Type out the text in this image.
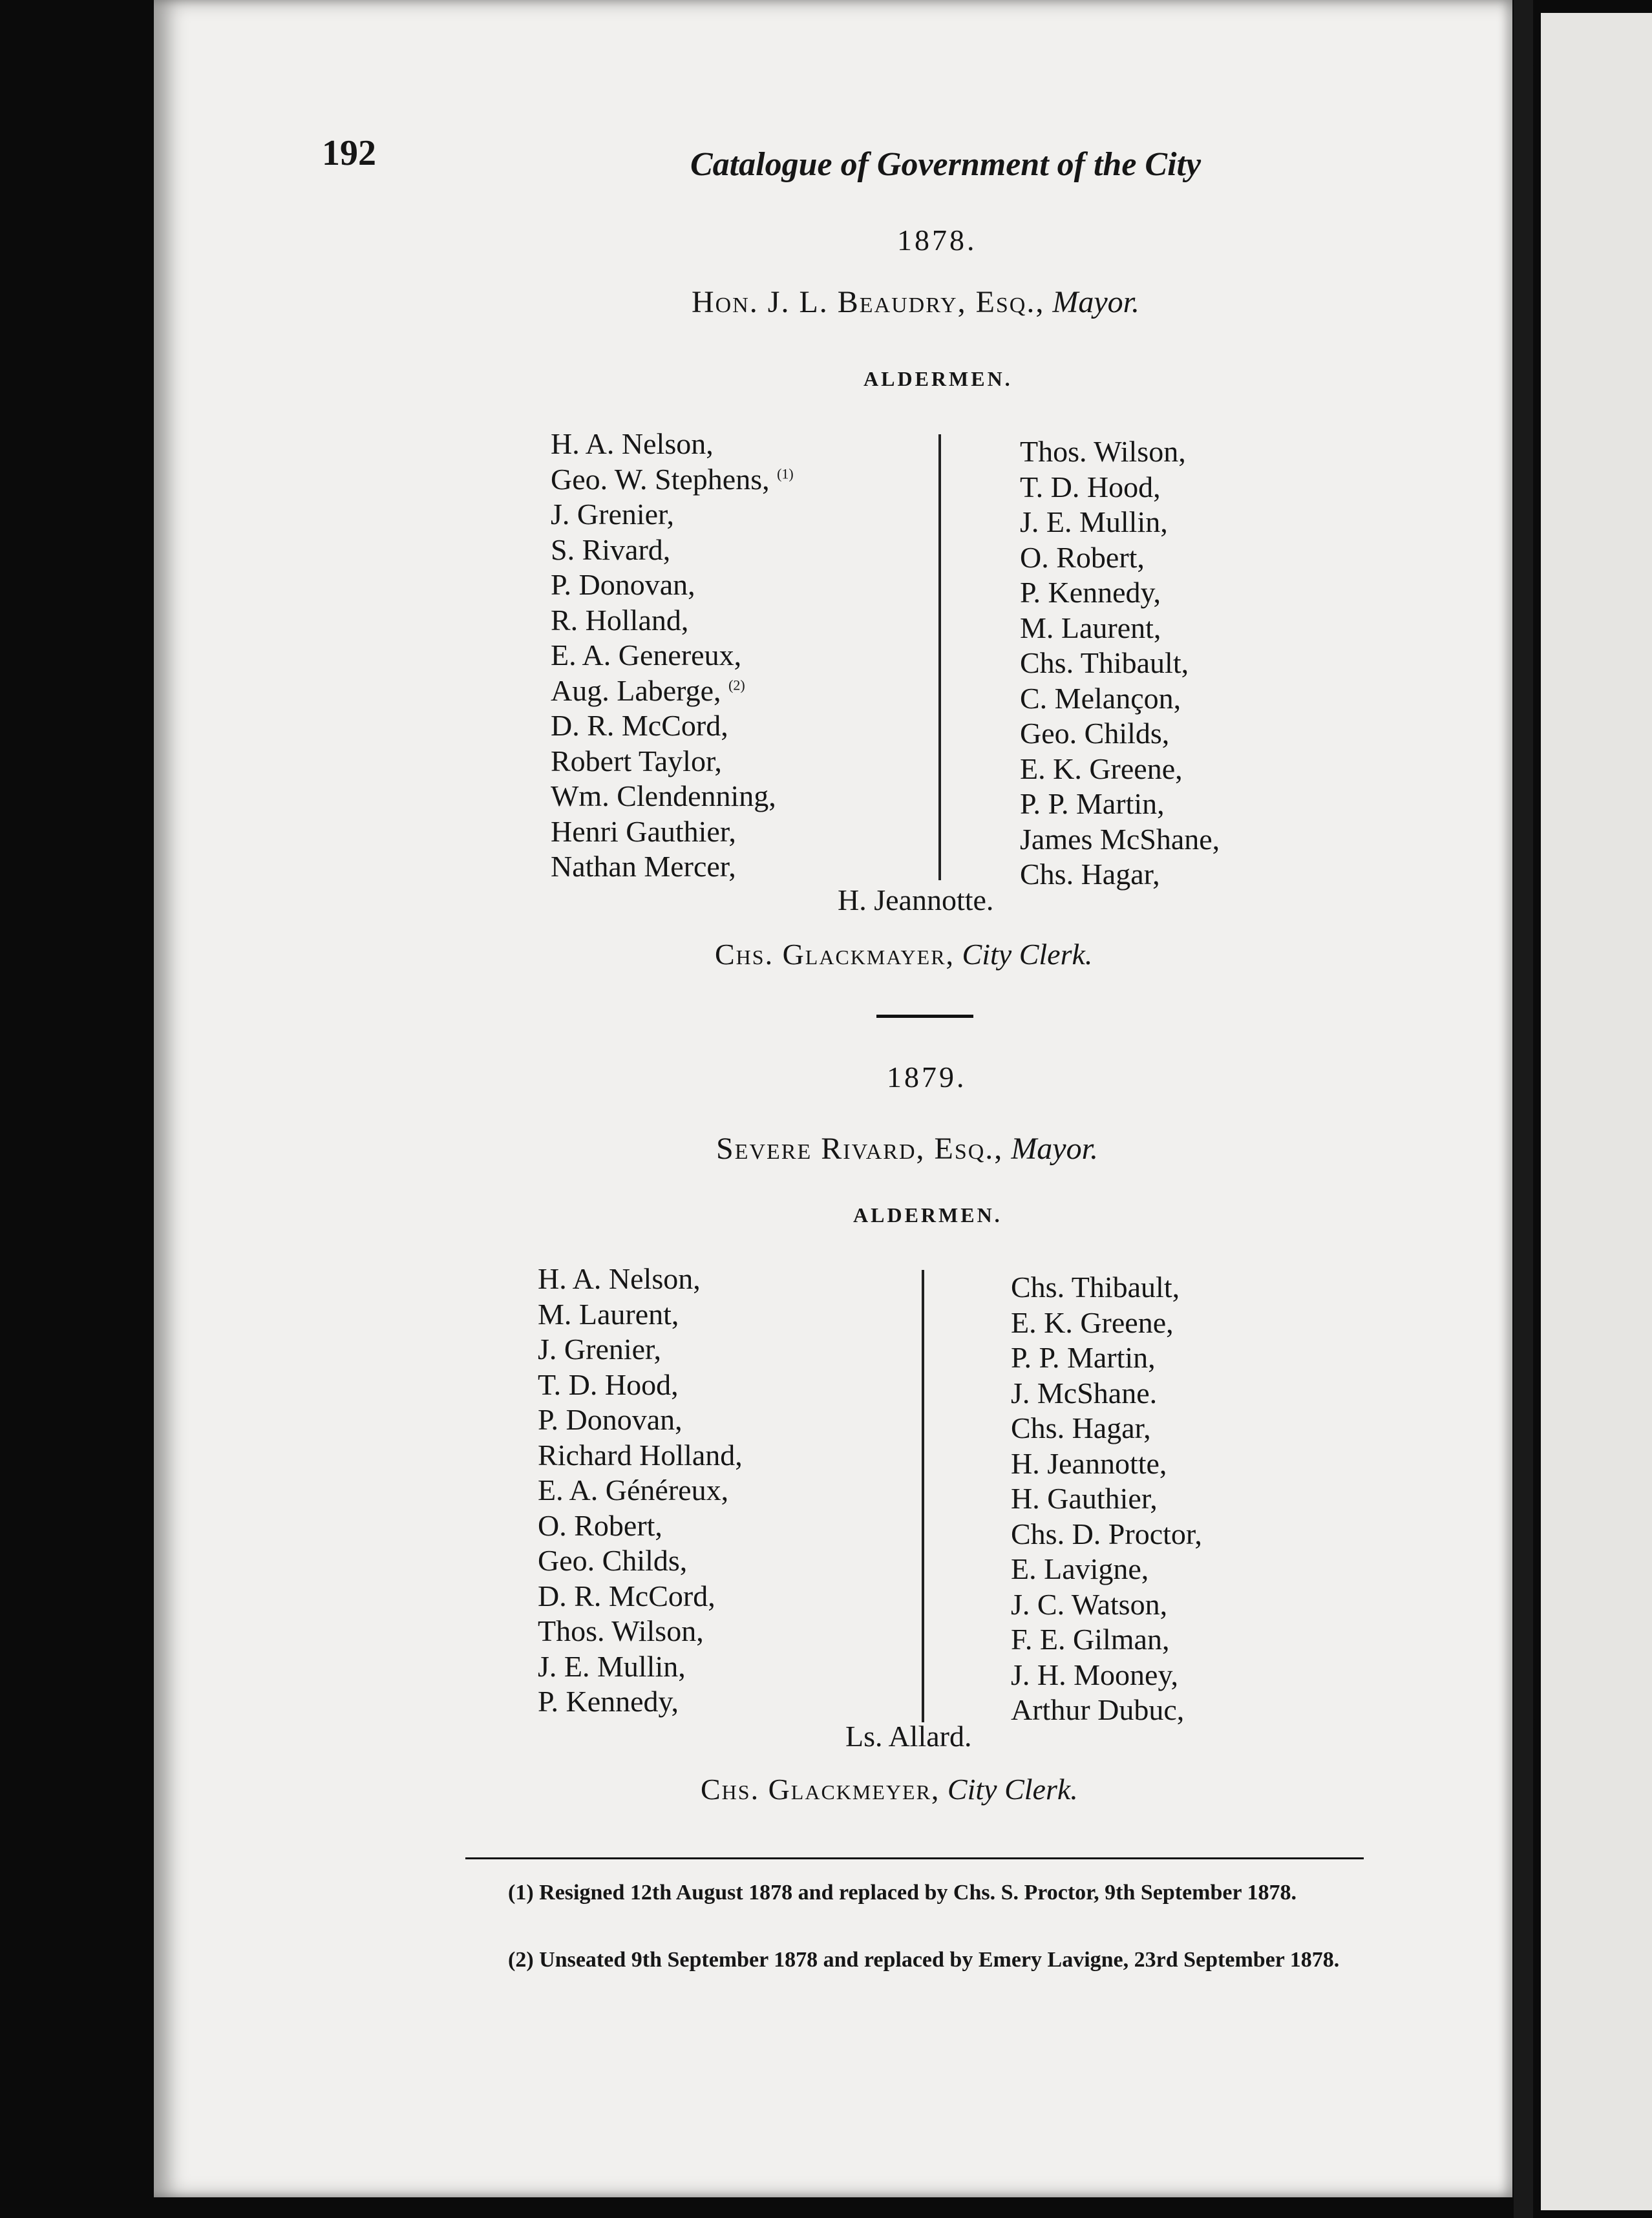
192	Catalogue of Government of the City
1878.
Hon. J. L. Beaudry, Esq., Mayor.
ALDERMEN.
H. A. Nelson,
Geo. W. Stephens, $^{(1)}$
J. Grenier,
S. Rivard,
P. Donovan,
R. Holland,
E. A. Genereux,
Aug. Laberge, $^{(2)}$
D. R. McCord,
Robert Taylor,
Wm. Clendenning,
Henri Gauthier,
Nathan Mercer,
Thos. Wilson,
T. D. Hood,
J. E. Mullin,
O. Robert,
P. Kennedy,
M. Laurent,
Chs. Thibault,
C. Melançon,
Geo. Childs,
E. K. Greene,
P. P. Martin,
James McShane,
Chs. Hagar,
H. Jeannotte.
Chs. Glackmayer, City Clerk.
1879.
Severe Rivard, Esq., Mayor.
ALDERMEN.
H. A. Nelson,
M. Laurent,
J. Grenier,
T. D. Hood,
P. Donovan,
Richard Holland,
E. A. Généreux,
O. Robert,
Geo. Childs,
D. R. McCord,
Thos. Wilson,
J. E. Mullin,
P. Kennedy,
Chs. Thibault,
E. K. Greene,
P. P. Martin,
J. McShane.
Chs. Hagar,
H. Jeannotte,
H. Gauthier,
Chs. D. Proctor,
E. Lavigne,
J. C. Watson,
F. E. Gilman,
J. H. Mooney,
Arthur Dubuc,
Ls. Allard.
Chs. Glackmeyer, City Clerk.
(1) Resigned 12th August 1878 and replaced by Chs. S. Proctor, 9th September 1878.
(2) Unseated 9th September 1878 and replaced by Emery Lavigne, 23rd September 1878.
